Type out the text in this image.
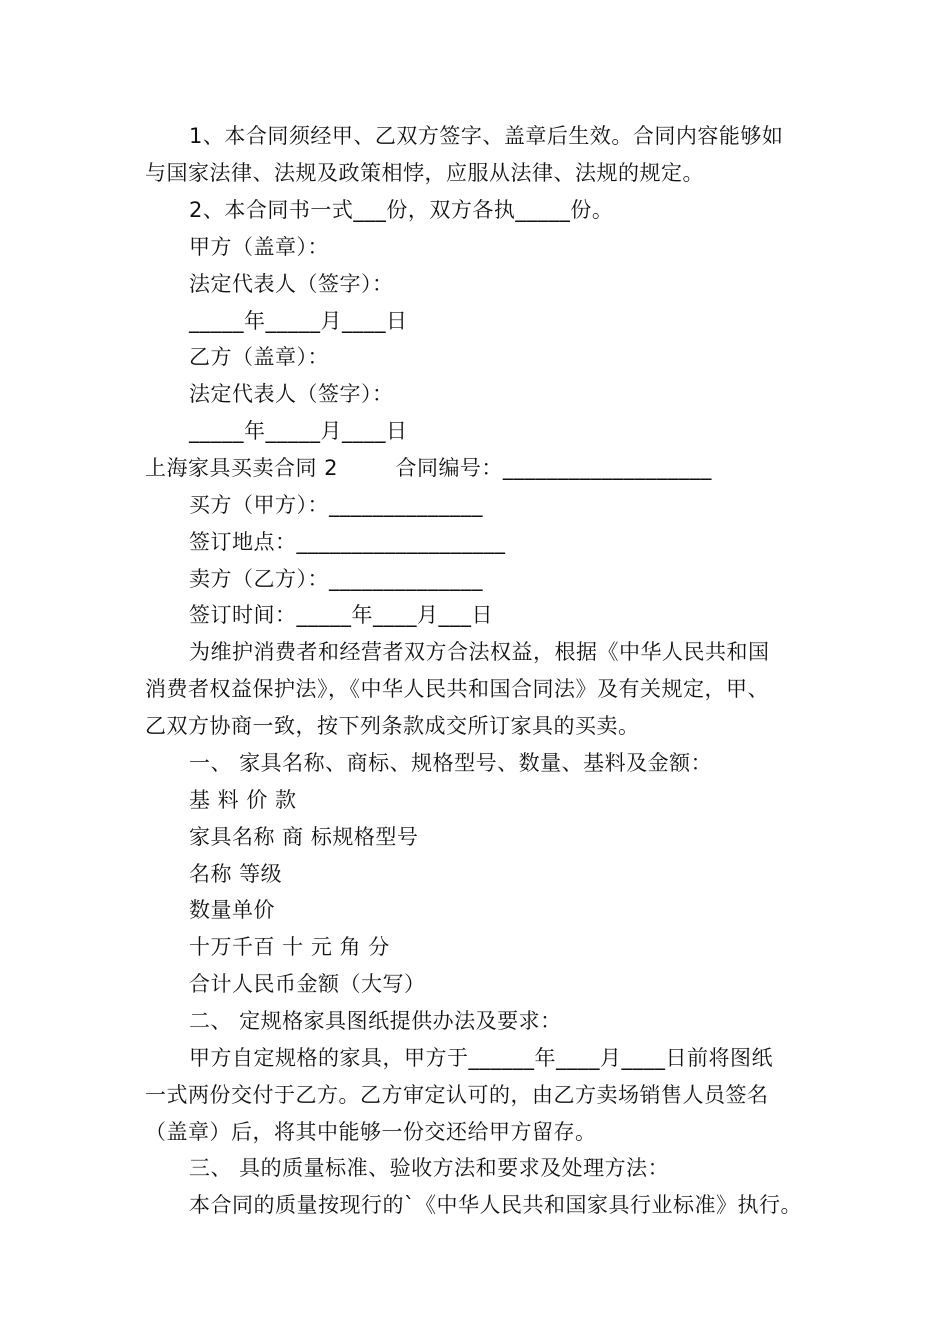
1、本合同须经甲、乙双方签字、盖章后生效。合同内容能够如
与国家法律、法规及政策相悖，应服从法律、法规的规定。
2、本合同书一式___份，双方各执_____份。
甲方（盖章）：
法定代表人（签字）：
_____年_____月____日
乙方（盖章）：
法定代表人（签字）：
_____年_____月____日
上海家具买卖合同 2        合同编号：___________________
买方（甲方）：______________
签订地点：___________________
卖方（乙方）：______________
签订时间：_____年____月___日
为维护消费者和经营者双方合法权益，根据《中华人民共和国
消费者权益保护法》，《中华人民共和国合同法》及有关规定，甲、
乙双方协商一致，按下列条款成交所订家具的买卖。
一、 家具名称、商标、规格型号、数量、基料及金额：
基 料 价 款
家具名称 商 标规格型号
名称 等级
数量单价
十万千百 十 元 角 分
合计人民币金额（大写）
二、 定规格家具图纸提供办法及要求：
甲方自定规格的家具，甲方于______年____月____日前将图纸
一式两份交付于乙方。乙方审定认可的，由乙方卖场销售人员签名
（盖章）后，将其中能够一份交还给甲方留存。
三、 具的质量标准、验收方法和要求及处理方法：
本合同的质量按现行的`《中华人民共和国家具行业标准》执行。
